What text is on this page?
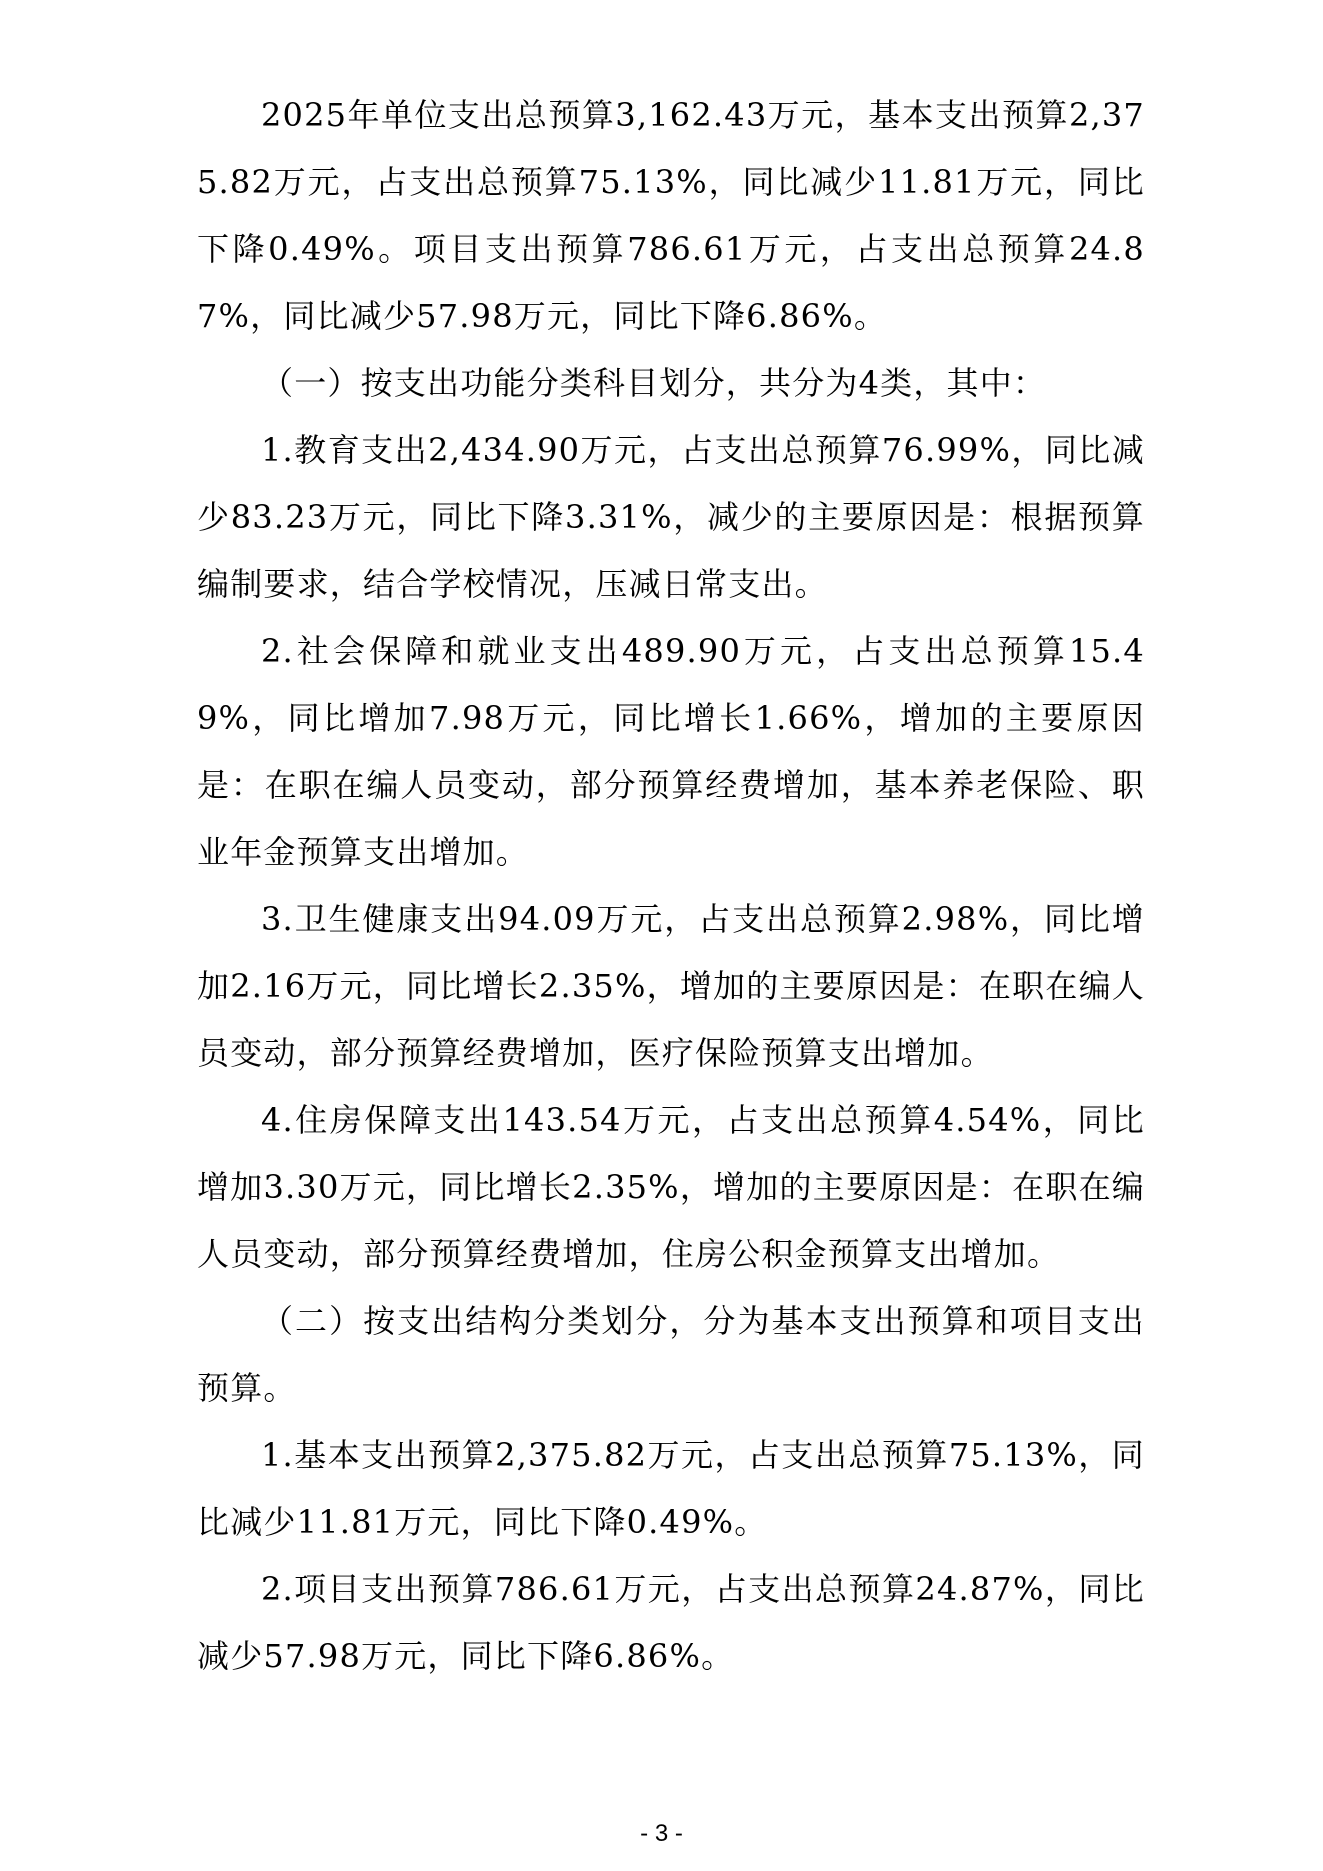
2025年单位支出总预算3,162.43万元，基本支出预算2,375.82万元，占支出总预算75.13%，同比减少11.81万元，同比下降0.49%。项目支出预算786.61万元，占支出总预算24.87%，同比减少57.98万元，同比下降6.86%。

（一）按支出功能分类科目划分，共分为4类，其中：

1.教育支出2,434.90万元，占支出总预算76.99%，同比减少83.23万元，同比下降3.31%，减少的主要原因是：根据预算编制要求，结合学校情况，压减日常支出。

2.社会保障和就业支出489.90万元，占支出总预算15.49%，同比增加7.98万元，同比增长1.66%，增加的主要原因是：在职在编人员变动，部分预算经费增加，基本养老保险、职业年金预算支出增加。

3.卫生健康支出94.09万元，占支出总预算2.98%，同比增加2.16万元，同比增长2.35%，增加的主要原因是：在职在编人员变动，部分预算经费增加，医疗保险预算支出增加。

4.住房保障支出143.54万元，占支出总预算4.54%，同比增加3.30万元，同比增长2.35%，增加的主要原因是：在职在编人员变动，部分预算经费增加，住房公积金预算支出增加。

（二）按支出结构分类划分，分为基本支出预算和项目支出预算。

1.基本支出预算2,375.82万元，占支出总预算75.13%，同比减少11.81万元，同比下降0.49%。

2.项目支出预算786.61万元，占支出总预算24.87%，同比减少57.98万元，同比下降6.86%。

- 3 -
